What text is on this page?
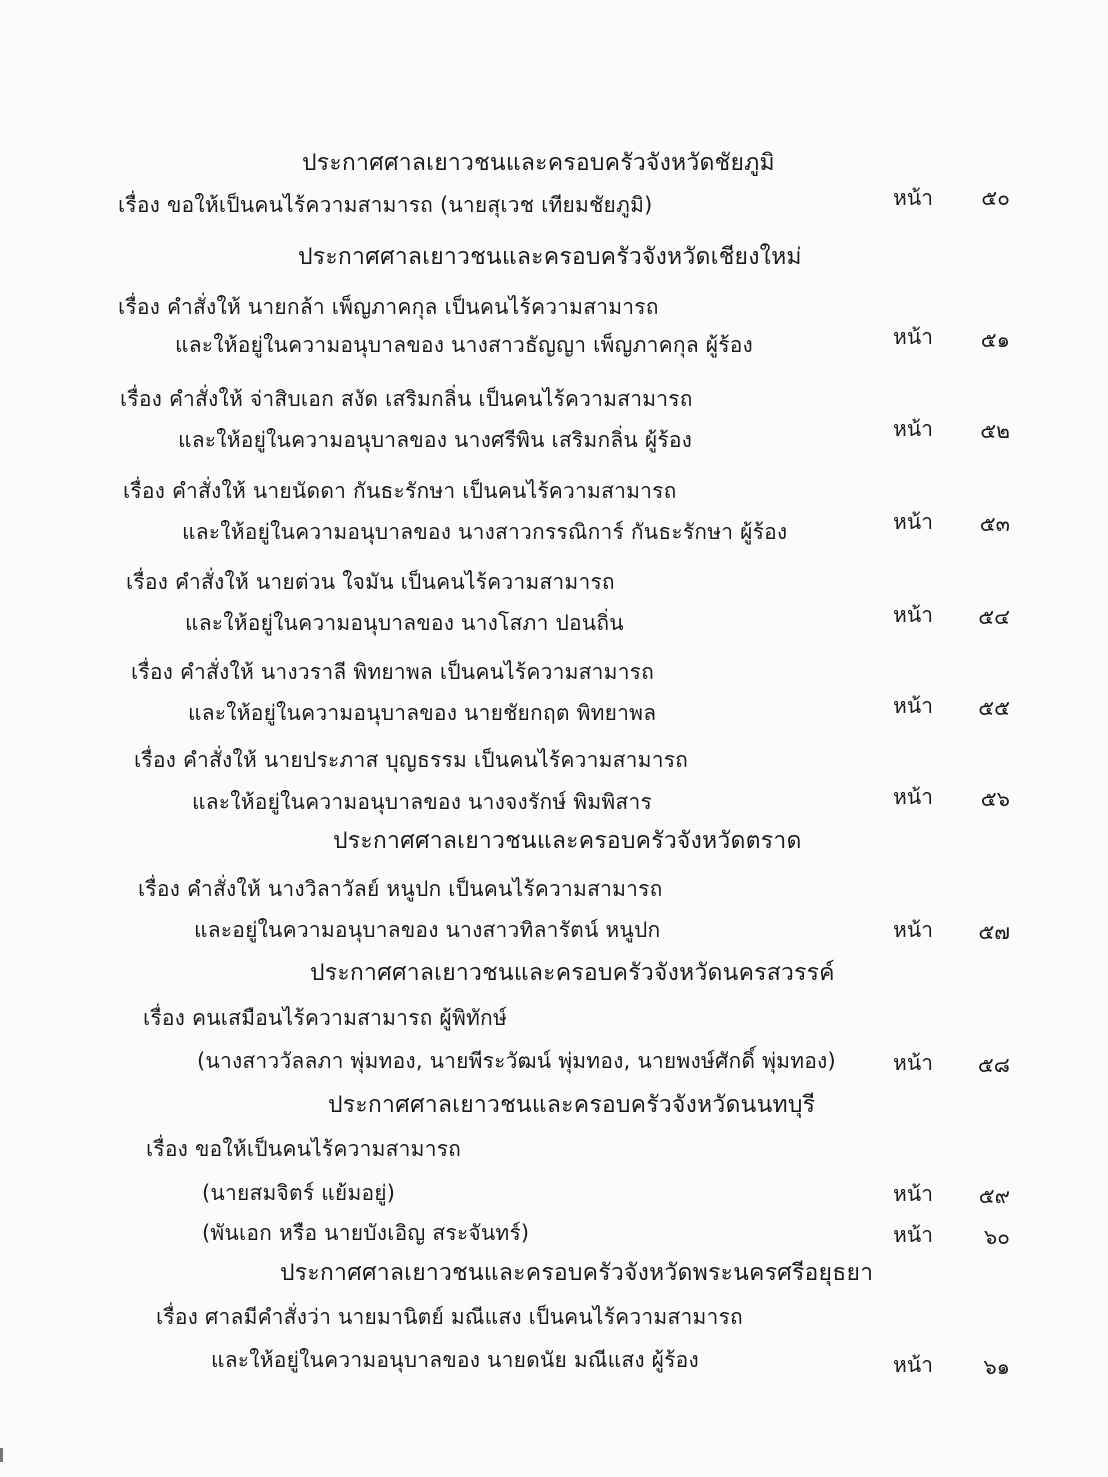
ประกาศศาลเยาวชนและครอบครัวจังหวัดชัยภูมิ
เรื่อง ขอให้เป็นคนไร้ความสามารถ (นายสุเวช เทียมชัยภูมิ)	หน้า	๕๐
ประกาศศาลเยาวชนและครอบครัวจังหวัดเชียงใหม่
เรื่อง คำสั่งให้ นายกล้า เพ็ญภาคกุล เป็นคนไร้ความสามารถ
และให้อยู่ในความอนุบาลของ นางสาวธัญญา เพ็ญภาคกุล ผู้ร้อง	หน้า	๕๑
เรื่อง คำสั่งให้ จ่าสิบเอก สงัด เสริมกลิ่น เป็นคนไร้ความสามารถ
และให้อยู่ในความอนุบาลของ นางศรีพิน เสริมกลิ่น ผู้ร้อง	หน้า	๕๒
เรื่อง คำสั่งให้ นายนัดดา กันธะรักษา เป็นคนไร้ความสามารถ
และให้อยู่ในความอนุบาลของ นางสาวกรรณิการ์ กันธะรักษา ผู้ร้อง	หน้า	๕๓
เรื่อง คำสั่งให้ นายต่วน ใจมัน เป็นคนไร้ความสามารถ
และให้อยู่ในความอนุบาลของ นางโสภา ปอนถิ่น	หน้า	๕๔
เรื่อง คำสั่งให้ นางวราลี พิทยาพล เป็นคนไร้ความสามารถ
และให้อยู่ในความอนุบาลของ นายชัยกฤต พิทยาพล	หน้า	๕๕
เรื่อง คำสั่งให้ นายประภาส บุญธรรม เป็นคนไร้ความสามารถ
และให้อยู่ในความอนุบาลของ นางจงรักษ์ พิมพิสาร	หน้า	๕๖
ประกาศศาลเยาวชนและครอบครัวจังหวัดตราด
เรื่อง คำสั่งให้ นางวิลาวัลย์ หนูปก เป็นคนไร้ความสามารถ
และอยู่ในความอนุบาลของ นางสาวทิลารัตน์ หนูปก	หน้า	๕๗
ประกาศศาลเยาวชนและครอบครัวจังหวัดนครสวรรค์
เรื่อง คนเสมือนไร้ความสามารถ ผู้พิทักษ์
(นางสาววัลลภา พุ่มทอง, นายพีระวัฒน์ พุ่มทอง, นายพงษ์ศักดิ์ พุ่มทอง)	หน้า	๕๘
ประกาศศาลเยาวชนและครอบครัวจังหวัดนนทบุรี
เรื่อง ขอให้เป็นคนไร้ความสามารถ
(นายสมจิตร์ แย้มอยู่)	หน้า	๕๙
(พันเอก หรือ นายบังเอิญ สระจันทร์)	หน้า	๖๐
ประกาศศาลเยาวชนและครอบครัวจังหวัดพระนครศรีอยุธยา
เรื่อง ศาลมีคำสั่งว่า นายมานิตย์ มณีแสง เป็นคนไร้ความสามารถ
และให้อยู่ในความอนุบาลของ นายดนัย มณีแสง ผู้ร้อง	หน้า	๖๑
